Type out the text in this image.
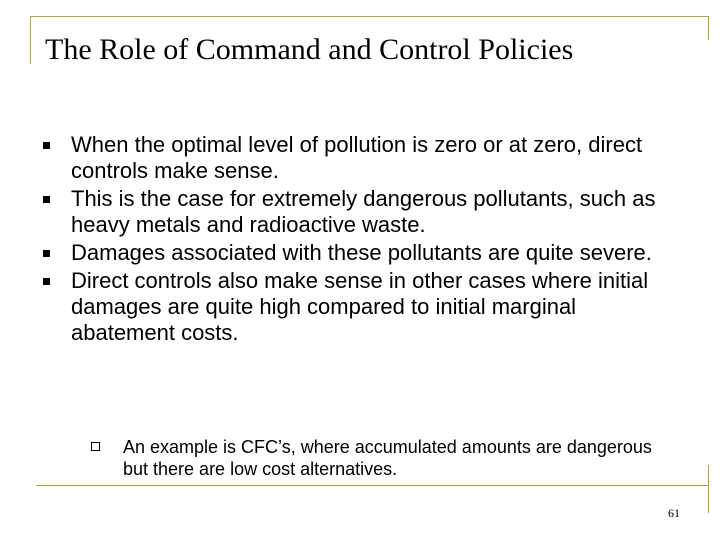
The Role of Command and Control Policies
When the optimal level of pollution is zero or at zero, direct controls make sense.
This is the case for extremely dangerous pollutants, such as heavy metals and radioactive waste.
Damages associated with these pollutants are quite severe.
Direct controls also make sense in other cases where initial damages are quite high compared to initial marginal abatement costs.
An example is CFC’s, where accumulated amounts are dangerous but there are low cost alternatives.
61
